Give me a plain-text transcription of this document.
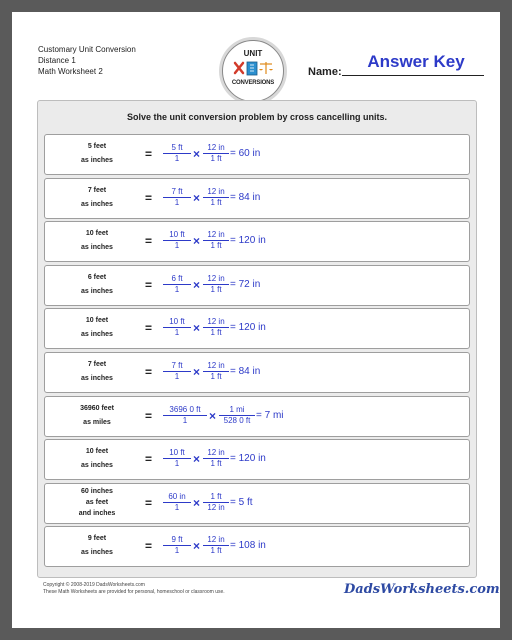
Customary Unit Conversion
Distance 1
Math Worksheet 2
UNIT
CONVERSIONS
Name:
Answer Key
Solve the unit conversion problem by cross cancelling units.
5 feet
as inches	= $\frac{5 ft}{1} \times \frac{12 in}{1 ft} = 60$ in
7 feet
as inches	= $\frac{7 ft}{1} \times \frac{12 in}{1 ft} = 84$ in
10 feet
as inches	= $\frac{10 ft}{1} \times \frac{12 in}{1 ft} = 120$ in
6 feet
as inches	= $\frac{6 ft}{1} \times \frac{12 in}{1 ft} = 72$ in
10 feet
as inches	= $\frac{10 ft}{1} \times \frac{12 in}{1 ft} = 120$ in
7 feet
as inches	= $\frac{7 ft}{1} \times \frac{12 in}{1 ft} = 84$ in
36960 feet
as miles	= $\frac{3696 0 ft}{1} \times \frac{1 mi}{528 0 ft} = 7$ mi
10 feet
as inches	= $\frac{10 ft}{1} \times \frac{12 in}{1 ft} = 120$ in
60 inches
as feet
and inches
= $\frac{60 in}{1} \times \frac{1 ft}{12 in} = 5$ ft
9 feet
as inches	= $\frac{9 ft}{1} \times \frac{12 in}{1 ft} = 108$ in
Copyright © 2008-2019 DadsWorksheets.com
These Math Worksheets are provided for personal, homeschool or classroom use.	DadsWorksheets.com
